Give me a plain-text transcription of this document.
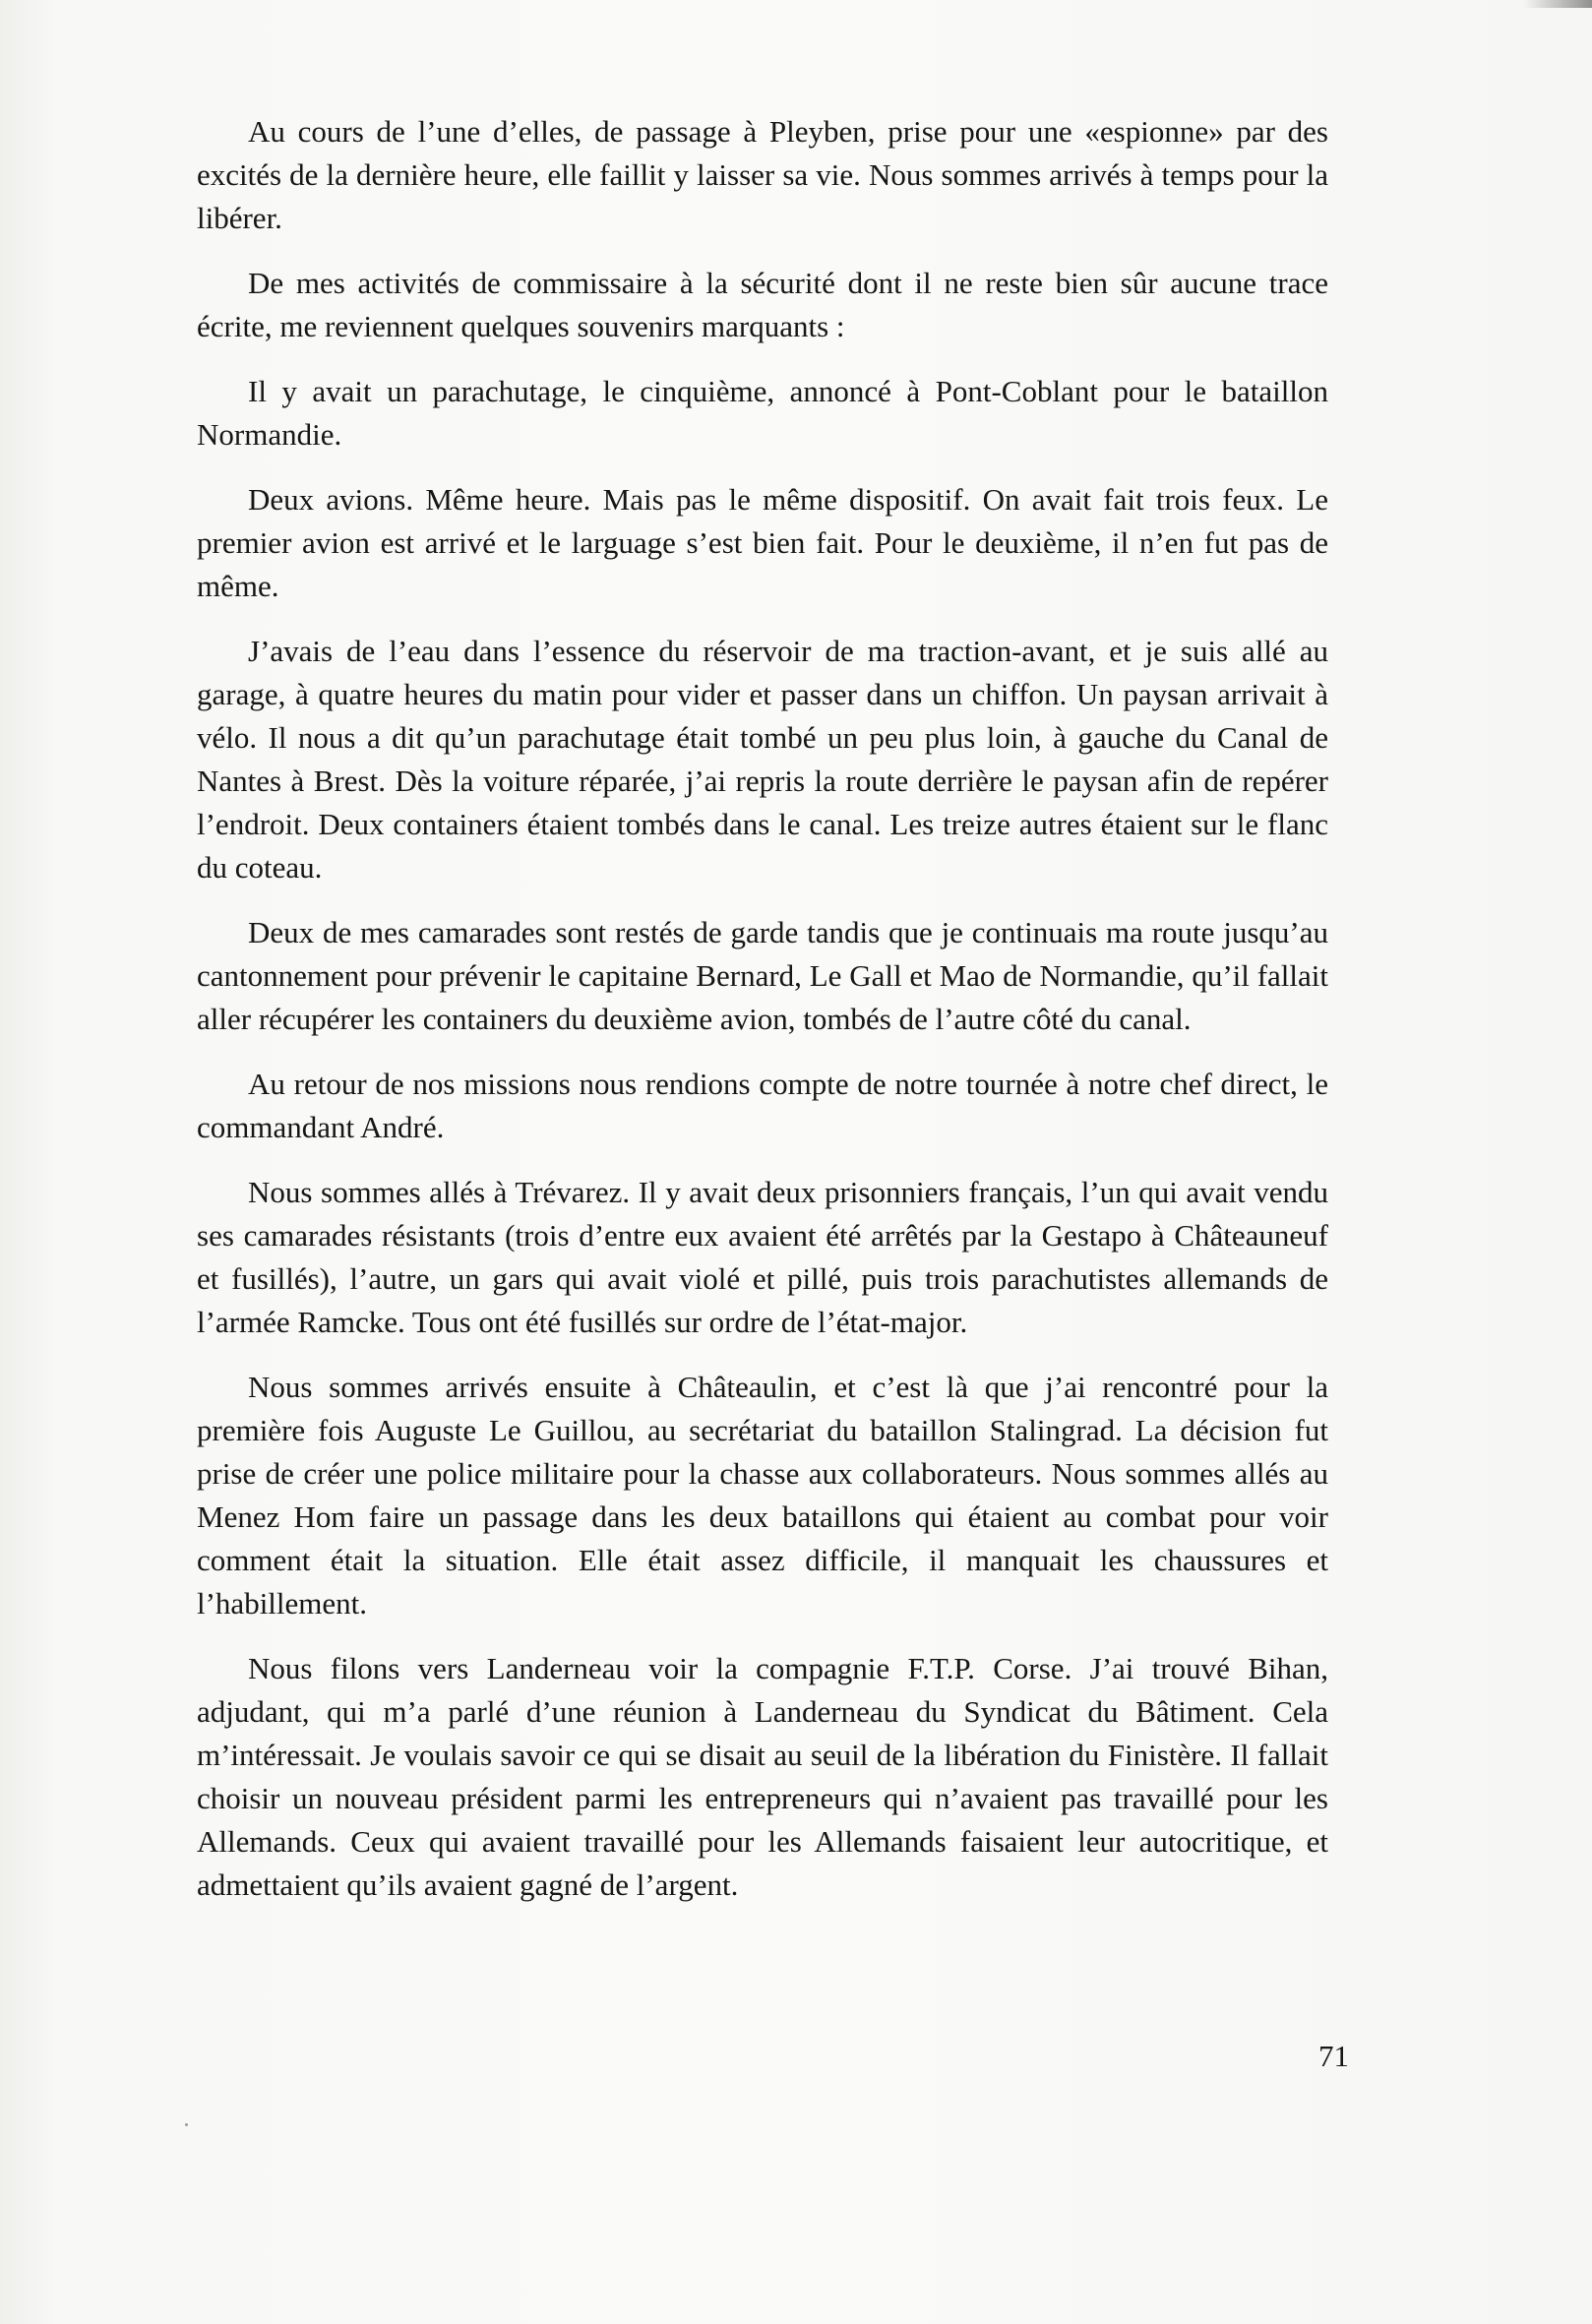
Au cours de l’une d’elles, de passage à Pleyben, prise pour une «espionne» par des excités de la dernière heure, elle faillit y laisser sa vie. Nous sommes arrivés à temps pour la libérer.

De mes activités de commissaire à la sécurité dont il ne reste bien sûr aucune trace écrite, me reviennent quelques souvenirs marquants :

Il y avait un parachutage, le cinquième, annoncé à Pont-Coblant pour le bataillon Normandie.

Deux avions. Même heure. Mais pas le même dispositif. On avait fait trois feux. Le premier avion est arrivé et le larguage s’est bien fait. Pour le deuxième, il n’en fut pas de même.

J’avais de l’eau dans l’essence du réservoir de ma traction-avant, et je suis allé au garage, à quatre heures du matin pour vider et passer dans un chiffon. Un paysan arrivait à vélo. Il nous a dit qu’un parachutage était tombé un peu plus loin, à gauche du Canal de Nantes à Brest. Dès la voiture réparée, j’ai repris la route derrière le paysan afin de repérer l’endroit. Deux containers étaient tombés dans le canal. Les treize autres étaient sur le flanc du coteau.

Deux de mes camarades sont restés de garde tandis que je continuais ma route jusqu’au cantonnement pour prévenir le capitaine Bernard, Le Gall et Mao de Normandie, qu’il fallait aller récupérer les containers du deuxième avion, tombés de l’autre côté du canal.

Au retour de nos missions nous rendions compte de notre tournée à notre chef direct, le commandant André.

Nous sommes allés à Trévarez. Il y avait deux prisonniers français, l’un qui avait vendu ses camarades résistants (trois d’entre eux avaient été arrêtés par la Gestapo à Châteauneuf et fusillés), l’autre, un gars qui avait violé et pillé, puis trois parachutistes allemands de l’armée Ramcke. Tous ont été fusillés sur ordre de l’état-major.

Nous sommes arrivés ensuite à Châteaulin, et c’est là que j’ai rencontré pour la première fois Auguste Le Guillou, au secrétariat du bataillon Stalingrad. La décision fut prise de créer une police militaire pour la chasse aux collaborateurs. Nous sommes allés au Menez Hom faire un passage dans les deux bataillons qui étaient au combat pour voir comment était la situation. Elle était assez difficile, il manquait les chaussures et l’habillement.

Nous filons vers Landerneau voir la compagnie F.T.P. Corse. J’ai trouvé Bihan, adjudant, qui m’a parlé d’une réunion à Landerneau du Syndicat du Bâtiment. Cela m’intéressait. Je voulais savoir ce qui se disait au seuil de la libération du Finistère. Il fallait choisir un nouveau président parmi les entrepreneurs qui n’avaient pas travaillé pour les Allemands. Ceux qui avaient travaillé pour les Allemands faisaient leur autocritique, et admettaient qu’ils avaient gagné de l’argent.

71
